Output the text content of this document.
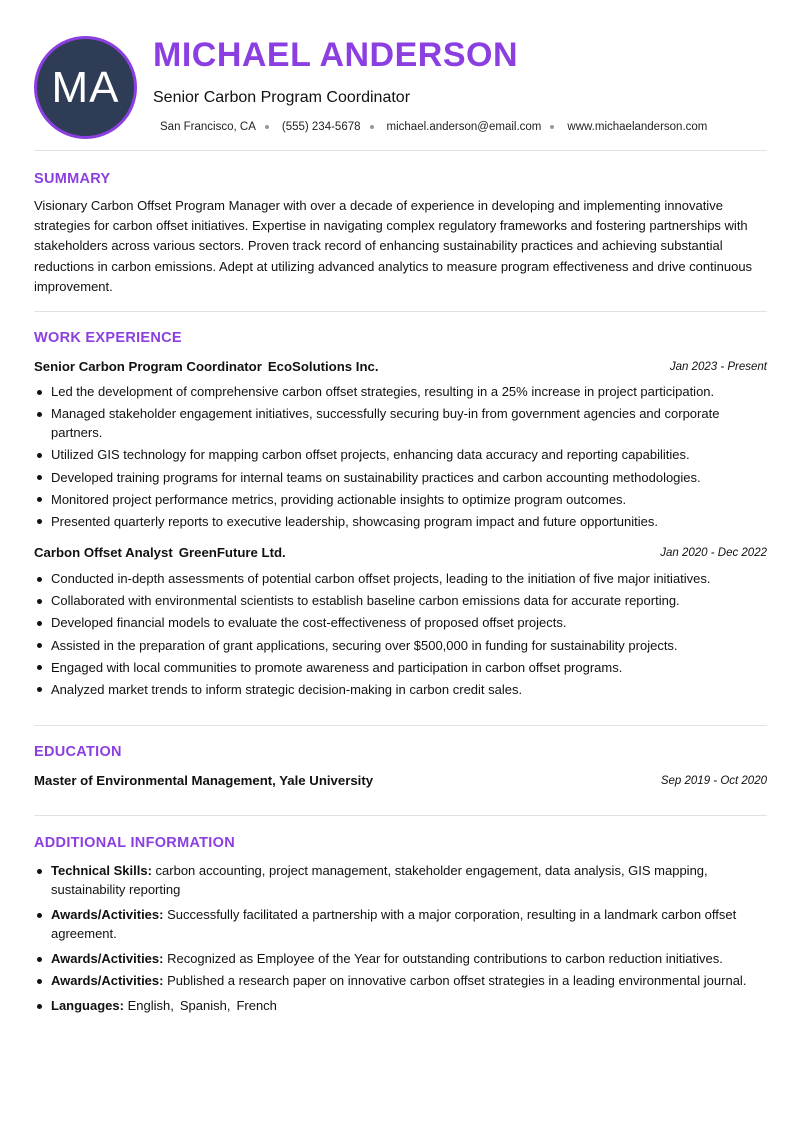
MA
MICHAEL ANDERSON
Senior Carbon Program Coordinator
San Francisco, CA (555) 234-5678 michael.anderson@email.com www.michaelanderson.com
SUMMARY

Visionary Carbon Offset Program Manager with over a decade of experience in developing and implementing innovative strategies for carbon offset initiatives. Expertise in navigating complex regulatory frameworks and fostering partnerships with stakeholders across various sectors. Proven track record of enhancing sustainability practices and achieving substantial reductions in carbon emissions. Adept at utilizing advanced analytics to measure program effectiveness and drive continuous improvement.

WORK EXPERIENCE
Senior Carbon Program Coordinator EcoSolutions Inc.	Jan 2023 - Present
Led the development of comprehensive carbon offset strategies, resulting in a 25% increase in project participation.
Managed stakeholder engagement initiatives, successfully securing buy-in from government agencies and corporate partners.
Utilized GIS technology for mapping carbon offset projects, enhancing data accuracy and reporting capabilities.
Developed training programs for internal teams on sustainability practices and carbon accounting methodologies.
Monitored project performance metrics, providing actionable insights to optimize program outcomes.
Presented quarterly reports to executive leadership, showcasing program impact and future opportunities.
Carbon Offset Analyst GreenFuture Ltd.	Jan 2020 - Dec 2022
Conducted in-depth assessments of potential carbon offset projects, leading to the initiation of five major initiatives.
Collaborated with environmental scientists to establish baseline carbon emissions data for accurate reporting.
Developed financial models to evaluate the cost-effectiveness of proposed offset projects.
Assisted in the preparation of grant applications, securing over $500,000 in funding for sustainability projects.
Engaged with local communities to promote awareness and participation in carbon offset programs.
Analyzed market trends to inform strategic decision-making in carbon credit sales.
EDUCATION
Master of Environmental Management, Yale University	Sep 2019 - Oct 2020
ADDITIONAL INFORMATION
Technical Skills: carbon accounting, project management, stakeholder engagement, data analysis, GIS mapping, sustainability reporting
Awards/Activities: Successfully facilitated a partnership with a major corporation, resulting in a landmark carbon offset agreement.
Awards/Activities: Recognized as Employee of the Year for outstanding contributions to carbon reduction initiatives.
Awards/Activities: Published a research paper on innovative carbon offset strategies in a leading environmental journal.
Languages: English, Spanish, French
